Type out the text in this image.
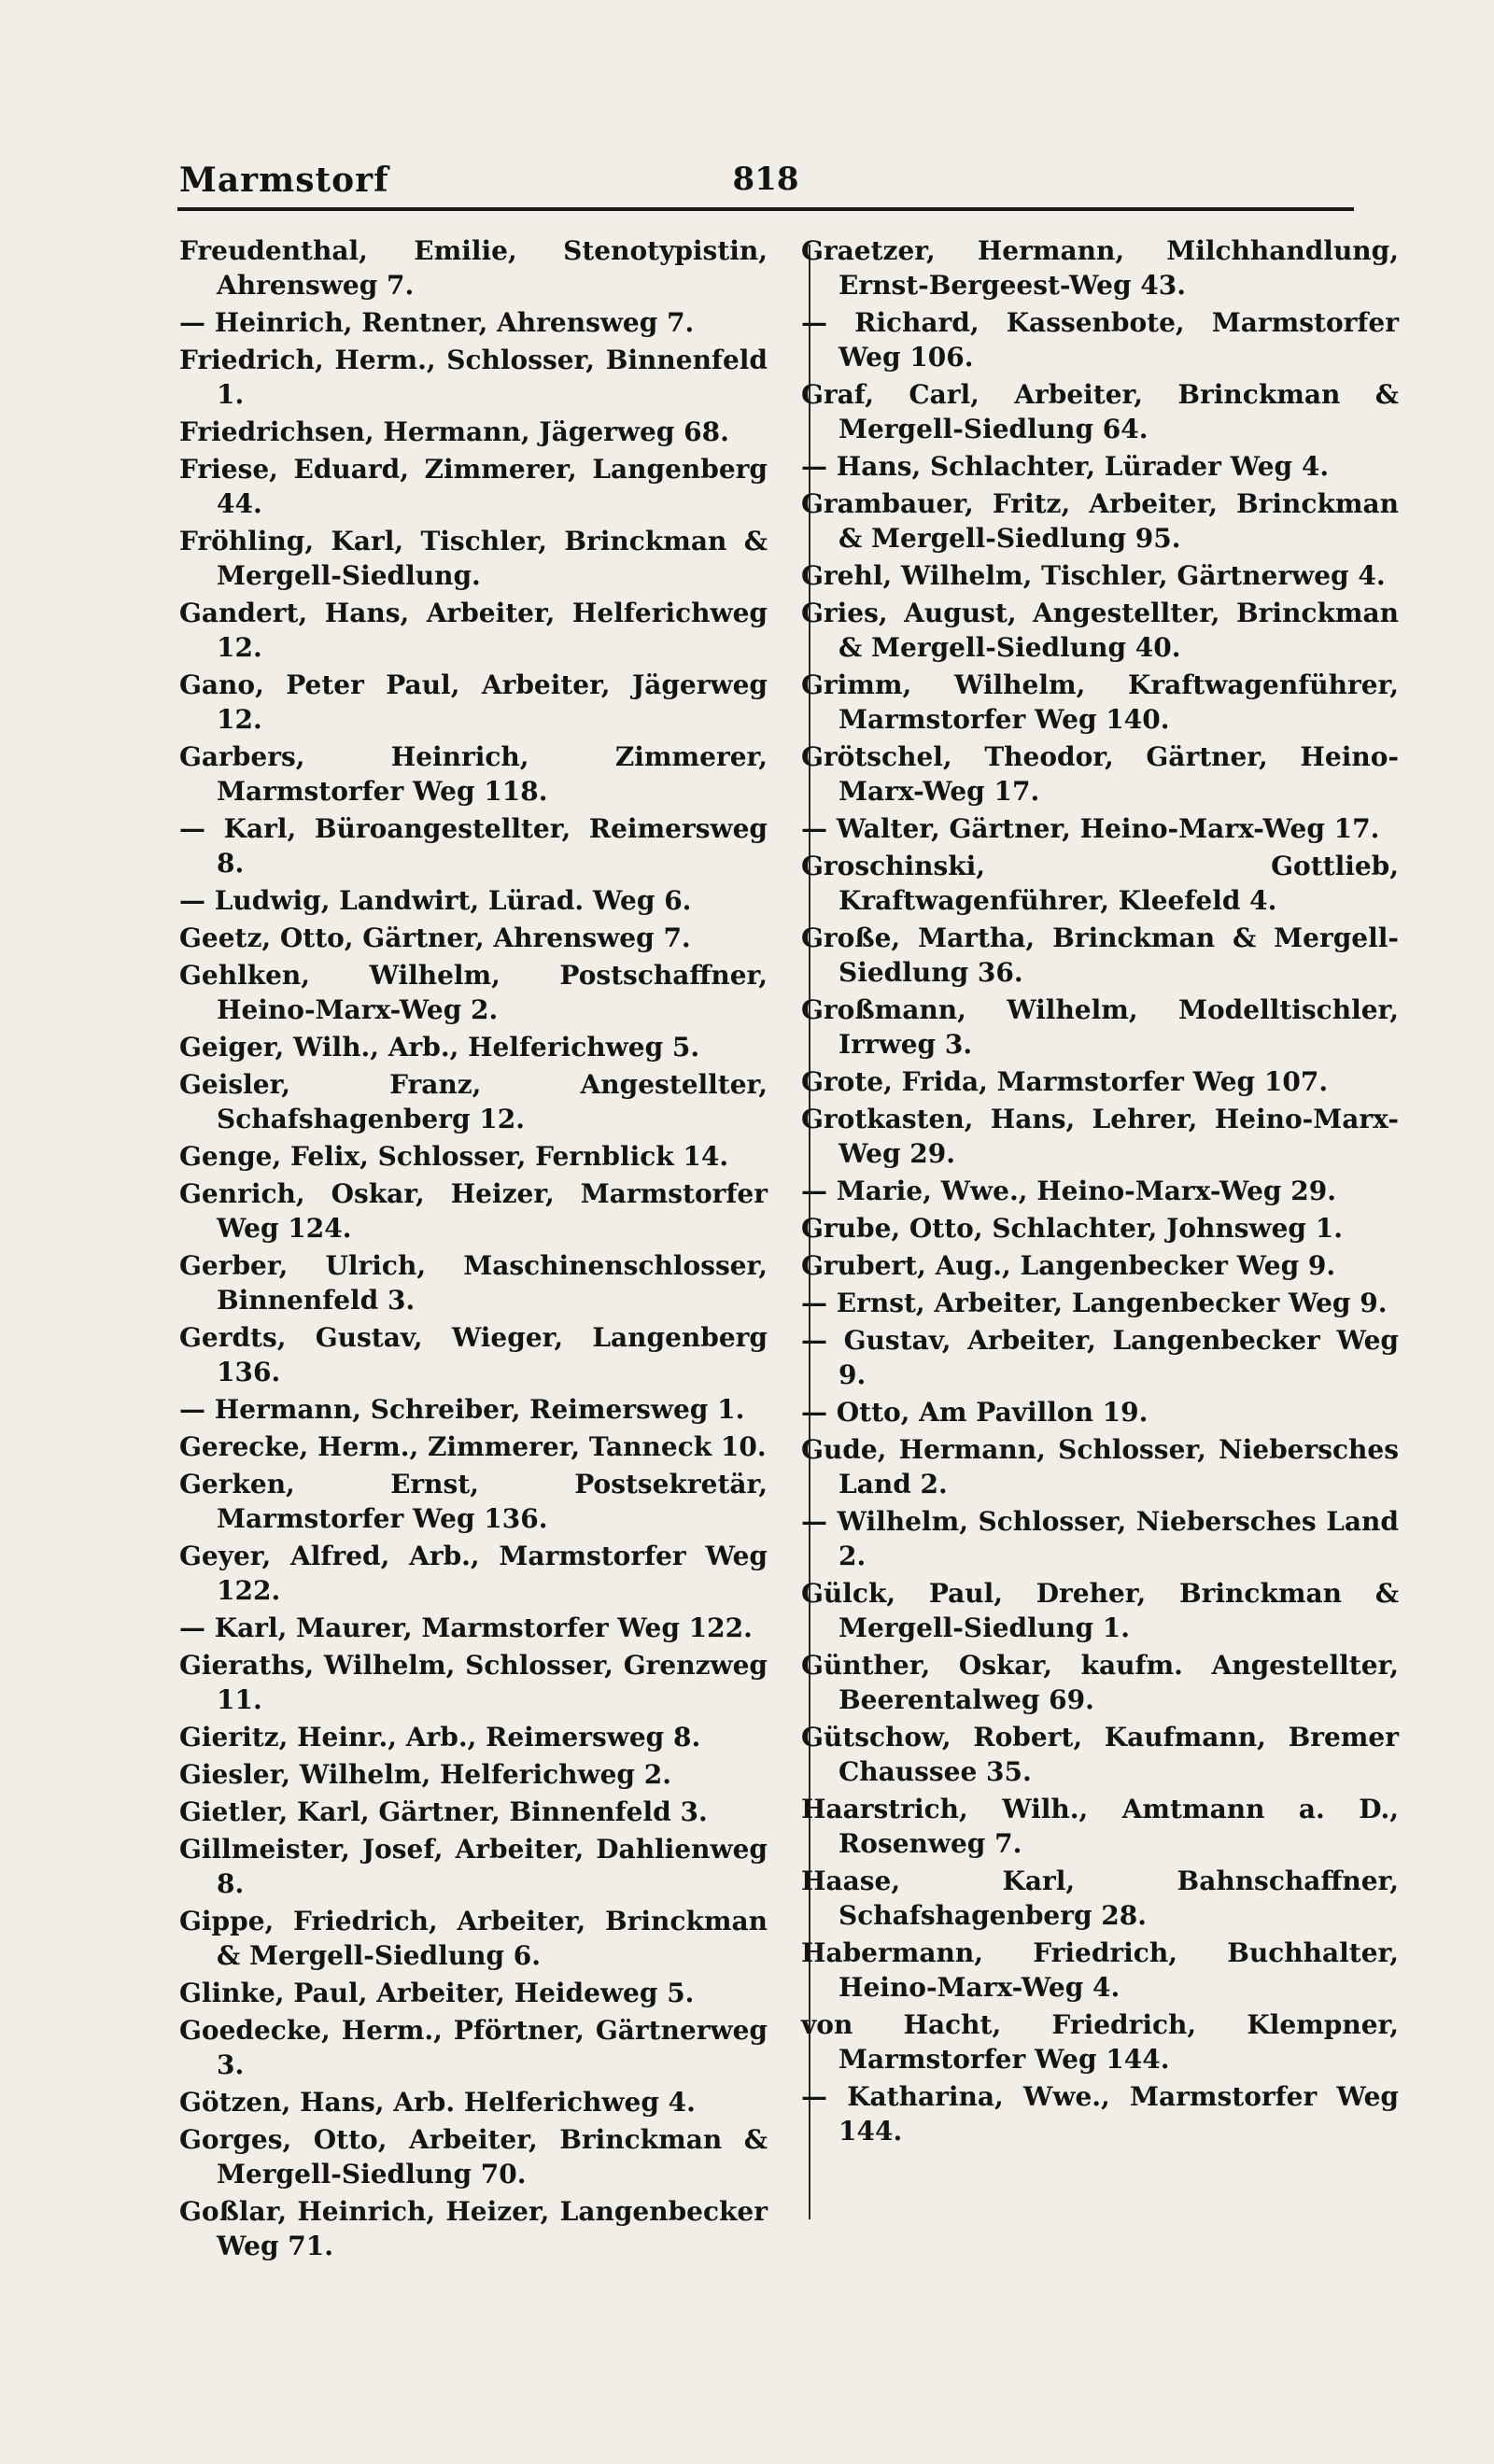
Marmstorf	818

Freudenthal, Emilie, Stenotypistin, Ahrensweg 7.

— Heinrich, Rentner, Ahrensweg 7.

Friedrich, Herm., Schlosser, Binnenfeld 1.

Friedrichsen, Hermann, Jägerweg 68.

Friese, Eduard, Zimmerer, Langenberg 44.

Fröhling, Karl, Tischler, Brinckman & Mergell-Siedlung.

Gandert, Hans, Arbeiter, Helferichweg 12.

Gano, Peter Paul, Arbeiter, Jägerweg 12.

Garbers, Heinrich, Zimmerer, Marmstorfer Weg 118.

— Karl, Büroangestellter, Reimersweg 8.

— Ludwig, Landwirt, Lürad. Weg 6.

Geetz, Otto, Gärtner, Ahrensweg 7.

Gehlken, Wilhelm, Postschaffner, Heino-Marx-Weg 2.

Geiger, Wilh., Arb., Helferichweg 5.

Geisler, Franz, Angestellter, Schafshagenberg 12.

Genge, Felix, Schlosser, Fernblick 14.

Genrich, Oskar, Heizer, Marmstorfer Weg 124.

Gerber, Ulrich, Maschinenschlosser, Binnenfeld 3.

Gerdts, Gustav, Wieger, Langenberg 136.

— Hermann, Schreiber, Reimersweg 1.

Gerecke, Herm., Zimmerer, Tanneck 10.

Gerken, Ernst, Postsekretär, Marmstorfer Weg 136.

Geyer, Alfred, Arb., Marmstorfer Weg 122.

— Karl, Maurer, Marmstorfer Weg 122.

Gieraths, Wilhelm, Schlosser, Grenzweg 11.

Gieritz, Heinr., Arb., Reimersweg 8.

Giesler, Wilhelm, Helferichweg 2.

Gietler, Karl, Gärtner, Binnenfeld 3.

Gillmeister, Josef, Arbeiter, Dahlienweg 8.

Gippe, Friedrich, Arbeiter, Brinckman & Mergell-Siedlung 6.

Glinke, Paul, Arbeiter, Heideweg 5.

Goedecke, Herm., Pförtner, Gärtnerweg 3.

Götzen, Hans, Arb. Helferichweg 4.

Gorges, Otto, Arbeiter, Brinckman & Mergell-Siedlung 70.

Goßlar, Heinrich, Heizer, Langenbecker Weg 71.

Graetzer, Hermann, Milchhandlung, Ernst-Bergeest-Weg 43.

— Richard, Kassenbote, Marmstorfer Weg 106.

Graf, Carl, Arbeiter, Brinckman & Mergell-Siedlung 64.

— Hans, Schlachter, Lürader Weg 4.

Grambauer, Fritz, Arbeiter, Brinckman & Mergell-Siedlung 95.

Grehl, Wilhelm, Tischler, Gärtnerweg 4.

Gries, August, Angestellter, Brinckman & Mergell-Siedlung 40.

Grimm, Wilhelm, Kraftwagenführer, Marmstorfer Weg 140.

Grötschel, Theodor, Gärtner, Heino-Marx-Weg 17.

— Walter, Gärtner, Heino-Marx-Weg 17.

Groschinski, Gottlieb, Kraftwagenführer, Kleefeld 4.

Große, Martha, Brinckman & Mergell-Siedlung 36.

Großmann, Wilhelm, Modelltischler, Irrweg 3.

Grote, Frida, Marmstorfer Weg 107.

Grotkasten, Hans, Lehrer, Heino-Marx-Weg 29.

— Marie, Wwe., Heino-Marx-Weg 29.

Grube, Otto, Schlachter, Johnsweg 1.

Grubert, Aug., Langenbecker Weg 9.

— Ernst, Arbeiter, Langenbecker Weg 9.

— Gustav, Arbeiter, Langenbecker Weg 9.

— Otto, Am Pavillon 19.

Gude, Hermann, Schlosser, Niebersches Land 2.

— Wilhelm, Schlosser, Niebersches Land 2.

Gülck, Paul, Dreher, Brinckman & Mergell-Siedlung 1.

Günther, Oskar, kaufm. Angestellter, Beerentalweg 69.

Gütschow, Robert, Kaufmann, Bremer Chaussee 35.

Haarstrich, Wilh., Amtmann a. D., Rosenweg 7.

Haase, Karl, Bahnschaffner, Schafshagenberg 28.

Habermann, Friedrich, Buchhalter, Heino-Marx-Weg 4.

von Hacht, Friedrich, Klempner, Marmstorfer Weg 144.

— Katharina, Wwe., Marmstorfer Weg 144.
